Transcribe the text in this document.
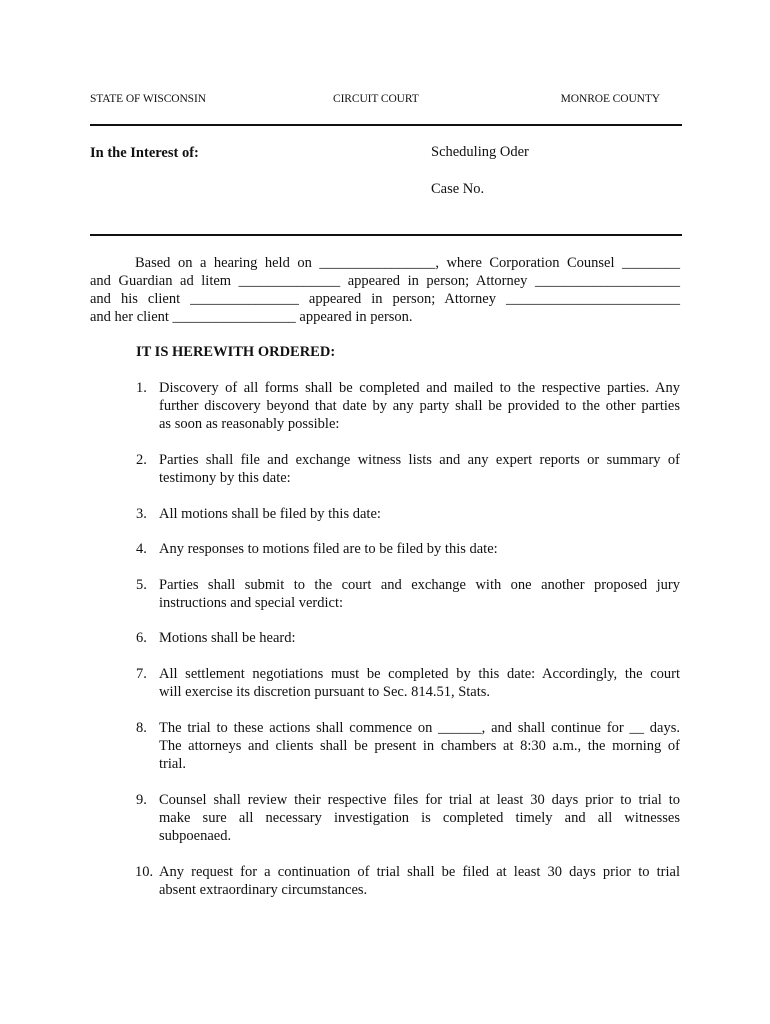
STATE OF WISCONSIN	CIRCUIT COURT	MONROE COUNTY
In the Interest of:	Scheduling Oder
Case No.
Based on a hearing held on ________________, where Corporation Counsel ________
and Guardian ad litem ______________ appeared in person; Attorney ____________________
and his client _______________ appeared in person; Attorney ________________________
and her client _________________ appeared in person.
IT IS HEREWITH ORDERED:
1. Discovery of all forms shall be completed and mailed to the respective parties. Any
further discovery beyond that date by any party shall be provided to the other parties
as soon as reasonably possible:
2. Parties shall file and exchange witness lists and any expert reports or summary of
testimony by this date:
3. All motions shall be filed by this date:
4. Any responses to motions filed are to be filed by this date:
5. Parties shall submit to the court and exchange with one another proposed jury
instructions and special verdict:
6. Motions shall be heard:
7. All settlement negotiations must be completed by this date: Accordingly, the court
will exercise its discretion pursuant to Sec. 814.51, Stats.
8. The trial to these actions shall commence on ______, and shall continue for __ days.
The attorneys and clients shall be present in chambers at 8:30 a.m., the morning of
trial.
9. Counsel shall review their respective files for trial at least 30 days prior to trial to
make sure all necessary investigation is completed timely and all witnesses
subpoenaed.
10. Any request for a continuation of trial shall be filed at least 30 days prior to trial
absent extraordinary circumstances.
